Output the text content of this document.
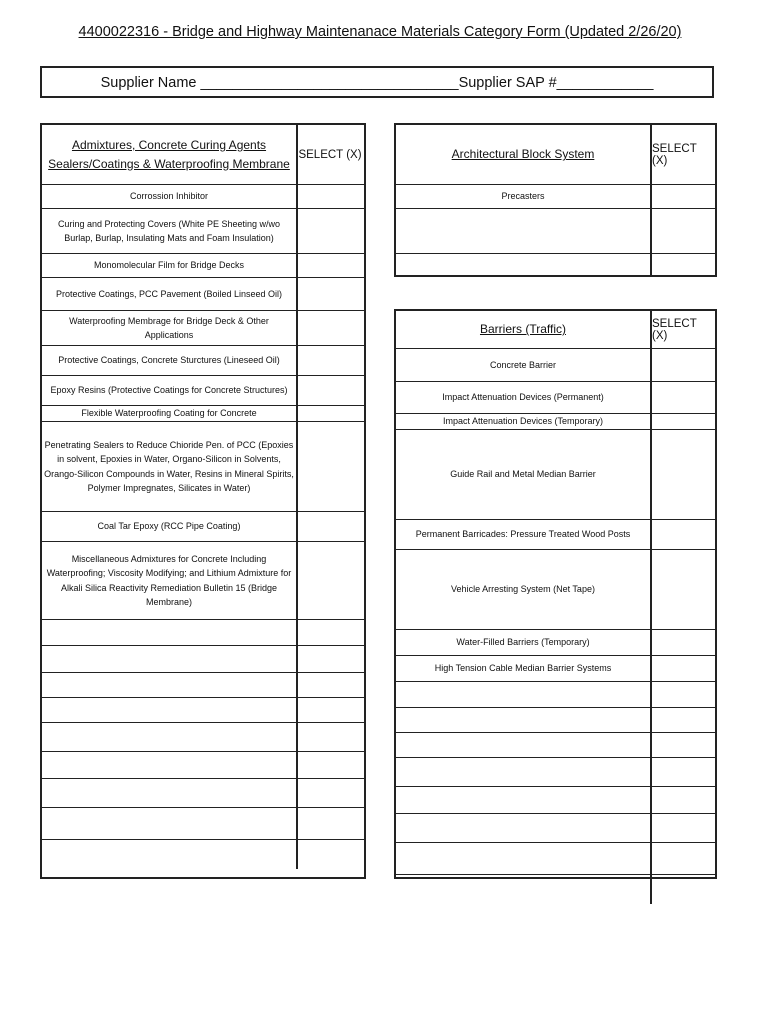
4400022316 - Bridge and Highway Maintenanace Materials Category Form (Updated 2/26/20)
Supplier Name ________________________________Supplier SAP #____________
Admixtures, Concrete Curing Agents Sealers/Coatings & Waterproofing Membrane
SELECT (X)
Corrossion Inhibitor
Curing and Protecting Covers (White PE Sheeting w/wo Burlap, Burlap, Insulating Mats and Foam Insulation)
Monomolecular Film for Bridge Decks
Protective Coatings, PCC Pavement (Boiled Linseed Oil)
Waterproofing Membrage for Bridge Deck & Other Applications
Protective Coatings, Concrete Sturctures (Lineseed Oil)
Epoxy Resins (Protective Coatings for Concrete Structures)
Flexible Waterproofing Coating for Concrete
Penetrating Sealers to Reduce Chioride Pen. of PCC (Epoxies in solvent, Epoxies in Water, Organo-Silicon in Solvents, Orango-Silicon Compounds in Water, Resins in Mineral Spirits, Polymer Impregnates, Silicates in Water)
Coal Tar Epoxy (RCC Pipe Coating)
Miscellaneous Admixtures for Concrete Including Waterproofing; Viscosity Modifying; and Lithium Admixture for Alkali Silica Reactivity Remediation Bulletin 15 (Bridge Membrane)
Architectural Block System	SELECT (X)
Precasters
Barriers (Traffic)	SELECT (X)
Concrete Barrier
Impact Attenuation Devices (Permanent)
Impact Attenuation Devices (Temporary)
Guide Rail and Metal Median Barrier
Permanent Barricades: Pressure Treated Wood Posts
Vehicle Arresting System (Net Tape)
Water-Filled Barriers (Temporary)
High Tension Cable Median Barrier Systems
